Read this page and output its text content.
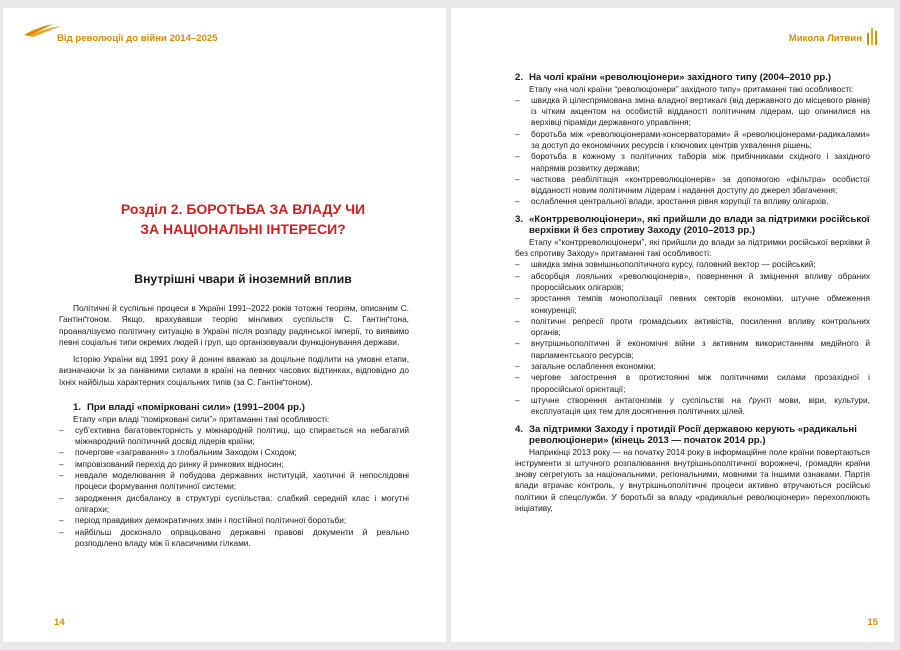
Від революції до війни 2014–2025
Розділ 2. БОРОТЬБА ЗА ВЛАДУ ЧИ
ЗА НАЦІОНАЛЬНІ ІНТЕРЕСИ?
Внутрішні чвари й іноземний вплив

Політичні й суспільні процеси в Україні 1991–2022 років тотожні теоріям, описаним С. Гантінґтоном. Якщо, врахувавши теорію мінливих суспільств С. Гантінґтона, проаналізуємо політичну ситуацію в Україні після розпаду радянської імперії, то виявимо певні соціальні типи окремих людей і груп, що організовували функціонування держави.

Історію України від 1991 року й донині вважаю за доцільне поділити на умовні етапи, визначаючи їх за панівними силами в країні на певних часових відтинках, відповідно до їхніх найбільш характерних соціальних типів (за С. Гантінґтоном).

1. При владі «помірковані сили» (1991–2004 рр.)

Етапу «при владі “помірковані сили”» притаманні такі особливості:

–	суб’єктивна багатовекторність у міжнародній політиці, що спирається на небагатий міжнародний політичний досвід лідерів країни;
–	почергове «загравання» з глобальним Заходом і Сходом;
–	імпровізований перехід до ринку й ринкових відносин;
–	невдале моделювання й побудова державних інституцій, хаотичні й непослідовні процеси формування політичної системи;
–	зародження дисбалансу в структурі суспільства: слабкий середній клас і могутні олігархи;
–	період правдивих демократичних змін і постійної політичної боротьби;
–	найбільш досконало опрацьовано державні правові документи й реально розподілено владу між її класичними гілками.
14
Микола Литвин
2. На чолі країни «революціонери» західного типу (2004–2010 рр.)

Етапу «на чолі країни “революціонери” західного типу» притаманні такі особливості:

–	швидка й цілеспрямована зміна владної вертикалі (від державного до місцевого рівнів) із чітким акцентом на особистій відданості політичним лідерам, що опинилися на верхівці піраміди державного управління;
–	боротьба між «революціонерами-консерваторами» й «революціонерами-радикалами» за доступ до економічних ресурсів і ключових центрів ухвалення рішень;
–	боротьба в кожному з політичних таборів між прибічниками східного і західного напрямів розвитку держави;
–	часткова реабілітація «контрреволюціонерів» за допомогою «фільтра» особистої відданості новим політичним лідерам і надання доступу до джерел збагачення;
–	ослаблення центральної влади, зростання рівня корупції та впливу олігархів.
3. «Контрреволюціонери», які прийшли до влади за підтримки російської верхівки й без спротиву Заходу (2010–2013 рр.)

Етапу «“контрреволюціонери”, які прийшли до влади за підтримки російської верхівки й без спротиву Заходу» притаманні такі особливості:

–	швидка зміна зовнішньополітичного курсу, головний вектор — російський;
–	абсорбція лояльних «революціонерів», повернення й зміцнення впливу обраних проросійських олігархів;
–	зростання темпів монополізації певних секторів економіки, штучне обмеження конкуренції;
–	політичні репресії проти громадських активістів, посилення впливу контрольних органів;
–	внутрішньополітичні й економічні війни з активним використанням медійного й парламентського ресурсів;
–	загальне ослаблення економіки;
–	чергове загострення в протистоянні між політичними силами прозахідної і проросійської орієнтації;
–	штучне створення антагонізмів у суспільстві на ґрунті мови, віри, культури, експлуатація цих тем для досягнення політичних цілей.
4. За підтримки Заходу і протидії Росії державою керують «радикальні революціонери» (кінець 2013 — початок 2014 рр.)

Наприкінці 2013 року — на початку 2014 року в інформаційне поле країни повертаються інструменти зі штучного розпалювання внутрішньополітичної ворожнечі, громадян країни знову сегрегують за національними, регіональними, мовними та іншими ознаками. Партія влади втрачає контроль, у внутрішньополітичні процеси активно втручаються російські політики й спецслужби. У боротьбі за владу «радикальні революціонери» перехоплюють ініціативу,

15
